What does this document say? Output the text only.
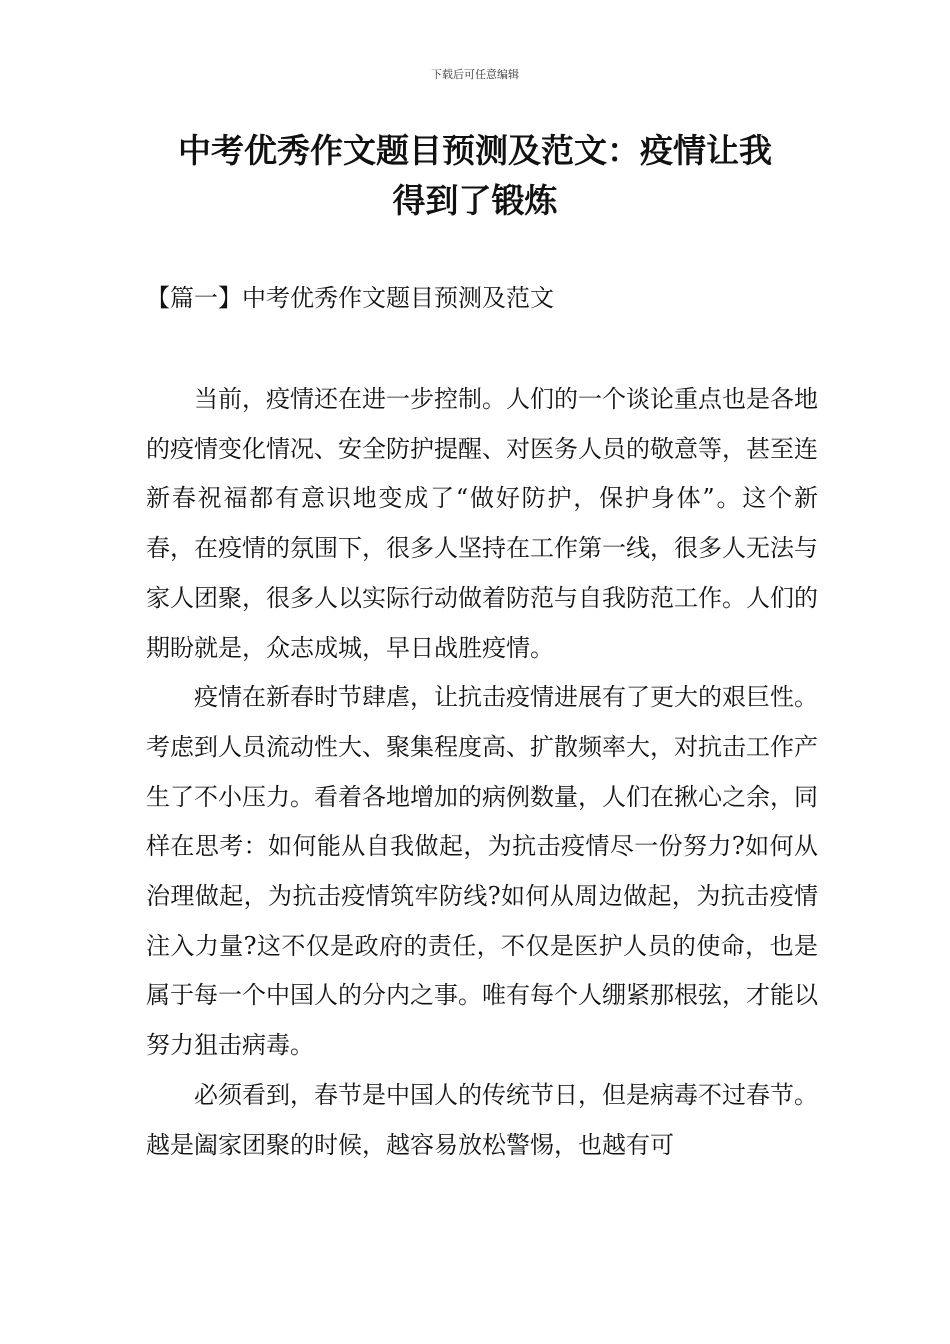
下载后可任意编辑
中考优秀作文题目预测及范文：疫情让我
得到了锻炼
【篇一】中考优秀作文题目预测及范文

当前，疫情还在进一步控制。人们的一个谈论重点也是各地的疫情变化情况、安全防护提醒、对医务人员的敬意等，甚至连新春祝福都有意识地变成了“做好防护，保护身体”。这个新春，在疫情的氛围下，很多人坚持在工作第一线，很多人无法与家人团聚，很多人以实际行动做着防范与自我防范工作。人们的期盼就是，众志成城，早日战胜疫情。

疫情在新春时节肆虐，让抗击疫情进展有了更大的艰巨性。考虑到人员流动性大、聚集程度高、扩散频率大，对抗击工作产生了不小压力。看着各地增加的病例数量，人们在揪心之余，同样在思考：如何能从自我做起，为抗击疫情尽一份努力?如何从治理做起，为抗击疫情筑牢防线?如何从周边做起，为抗击疫情注入力量?这不仅是政府的责任，不仅是医护人员的使命，也是属于每一个中国人的分内之事。唯有每个人绷紧那根弦，才能以努力狙击病毒。

必须看到，春节是中国人的传统节日，但是病毒不过春节。越是阖家团聚的时候，越容易放松警惕，也越有可
